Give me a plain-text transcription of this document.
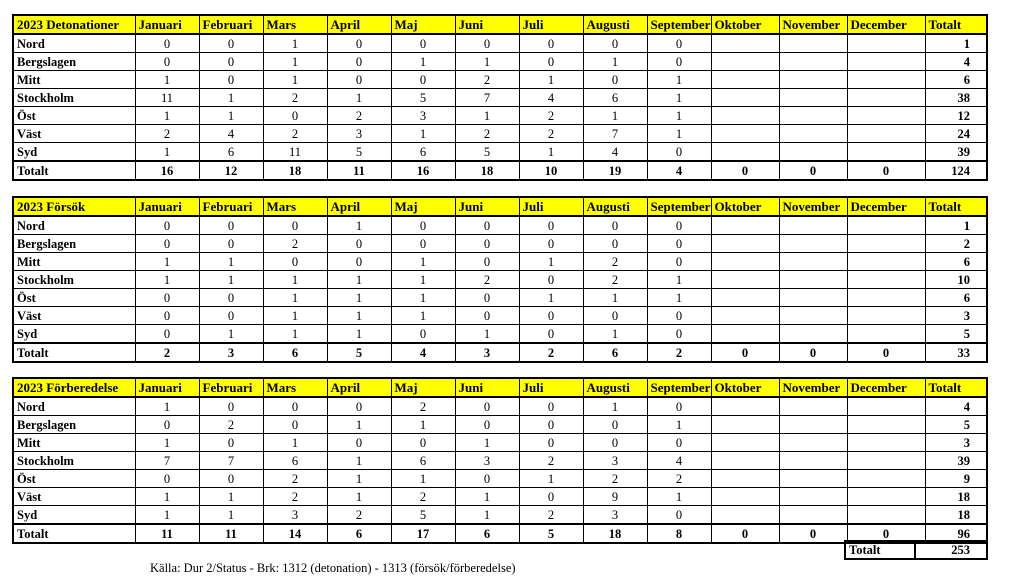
2023 Detonationer	Januari	Februari	Mars	April	Maj	Juni	Juli	Augusti	September	Oktober	November	December	Totalt
Nord	0	0	1	0	0	0	0	0	0				1
Bergslagen	0	0	1	0	1	1	0	1	0				4
Mitt	1	0	1	0	0	2	1	0	1				6
Stockholm	11	1	2	1	5	7	4	6	1				38
Öst	1	1	0	2	3	1	2	1	1				12
Väst	2	4	2	3	1	2	2	7	1				24
Syd	1	6	11	5	6	5	1	4	0				39
Totalt	16	12	18	11	16	18	10	19	4	0	0	0	124
2023 Försök	Januari	Februari	Mars	April	Maj	Juni	Juli	Augusti	September	Oktober	November	December	Totalt
Nord	0	0	0	1	0	0	0	0	0				1
Bergslagen	0	0	2	0	0	0	0	0	0				2
Mitt	1	1	0	0	1	0	1	2	0				6
Stockholm	1	1	1	1	1	2	0	2	1				10
Öst	0	0	1	1	1	0	1	1	1				6
Väst	0	0	1	1	1	0	0	0	0				3
Syd	0	1	1	1	0	1	0	1	0				5
Totalt	2	3	6	5	4	3	2	6	2	0	0	0	33
2023 Förberedelse	Januari	Februari	Mars	April	Maj	Juni	Juli	Augusti	September	Oktober	November	December	Totalt
Nord	1	0	0	0	2	0	0	1	0				4
Bergslagen	0	2	0	1	1	0	0	0	1				5
Mitt	1	0	1	0	0	1	0	0	0				3
Stockholm	7	7	6	1	6	3	2	3	4				39
Öst	0	0	2	1	1	0	1	2	2				9
Väst	1	1	2	1	2	1	0	9	1				18
Syd	1	1	3	2	5	1	2	3	0				18
Totalt	11	11	14	6	17	6	5	18	8	0	0	0	96
Totalt	253
Källa: Dur 2/Status - Brk: 1312 (detonation) - 1313 (försök/förberedelse)
